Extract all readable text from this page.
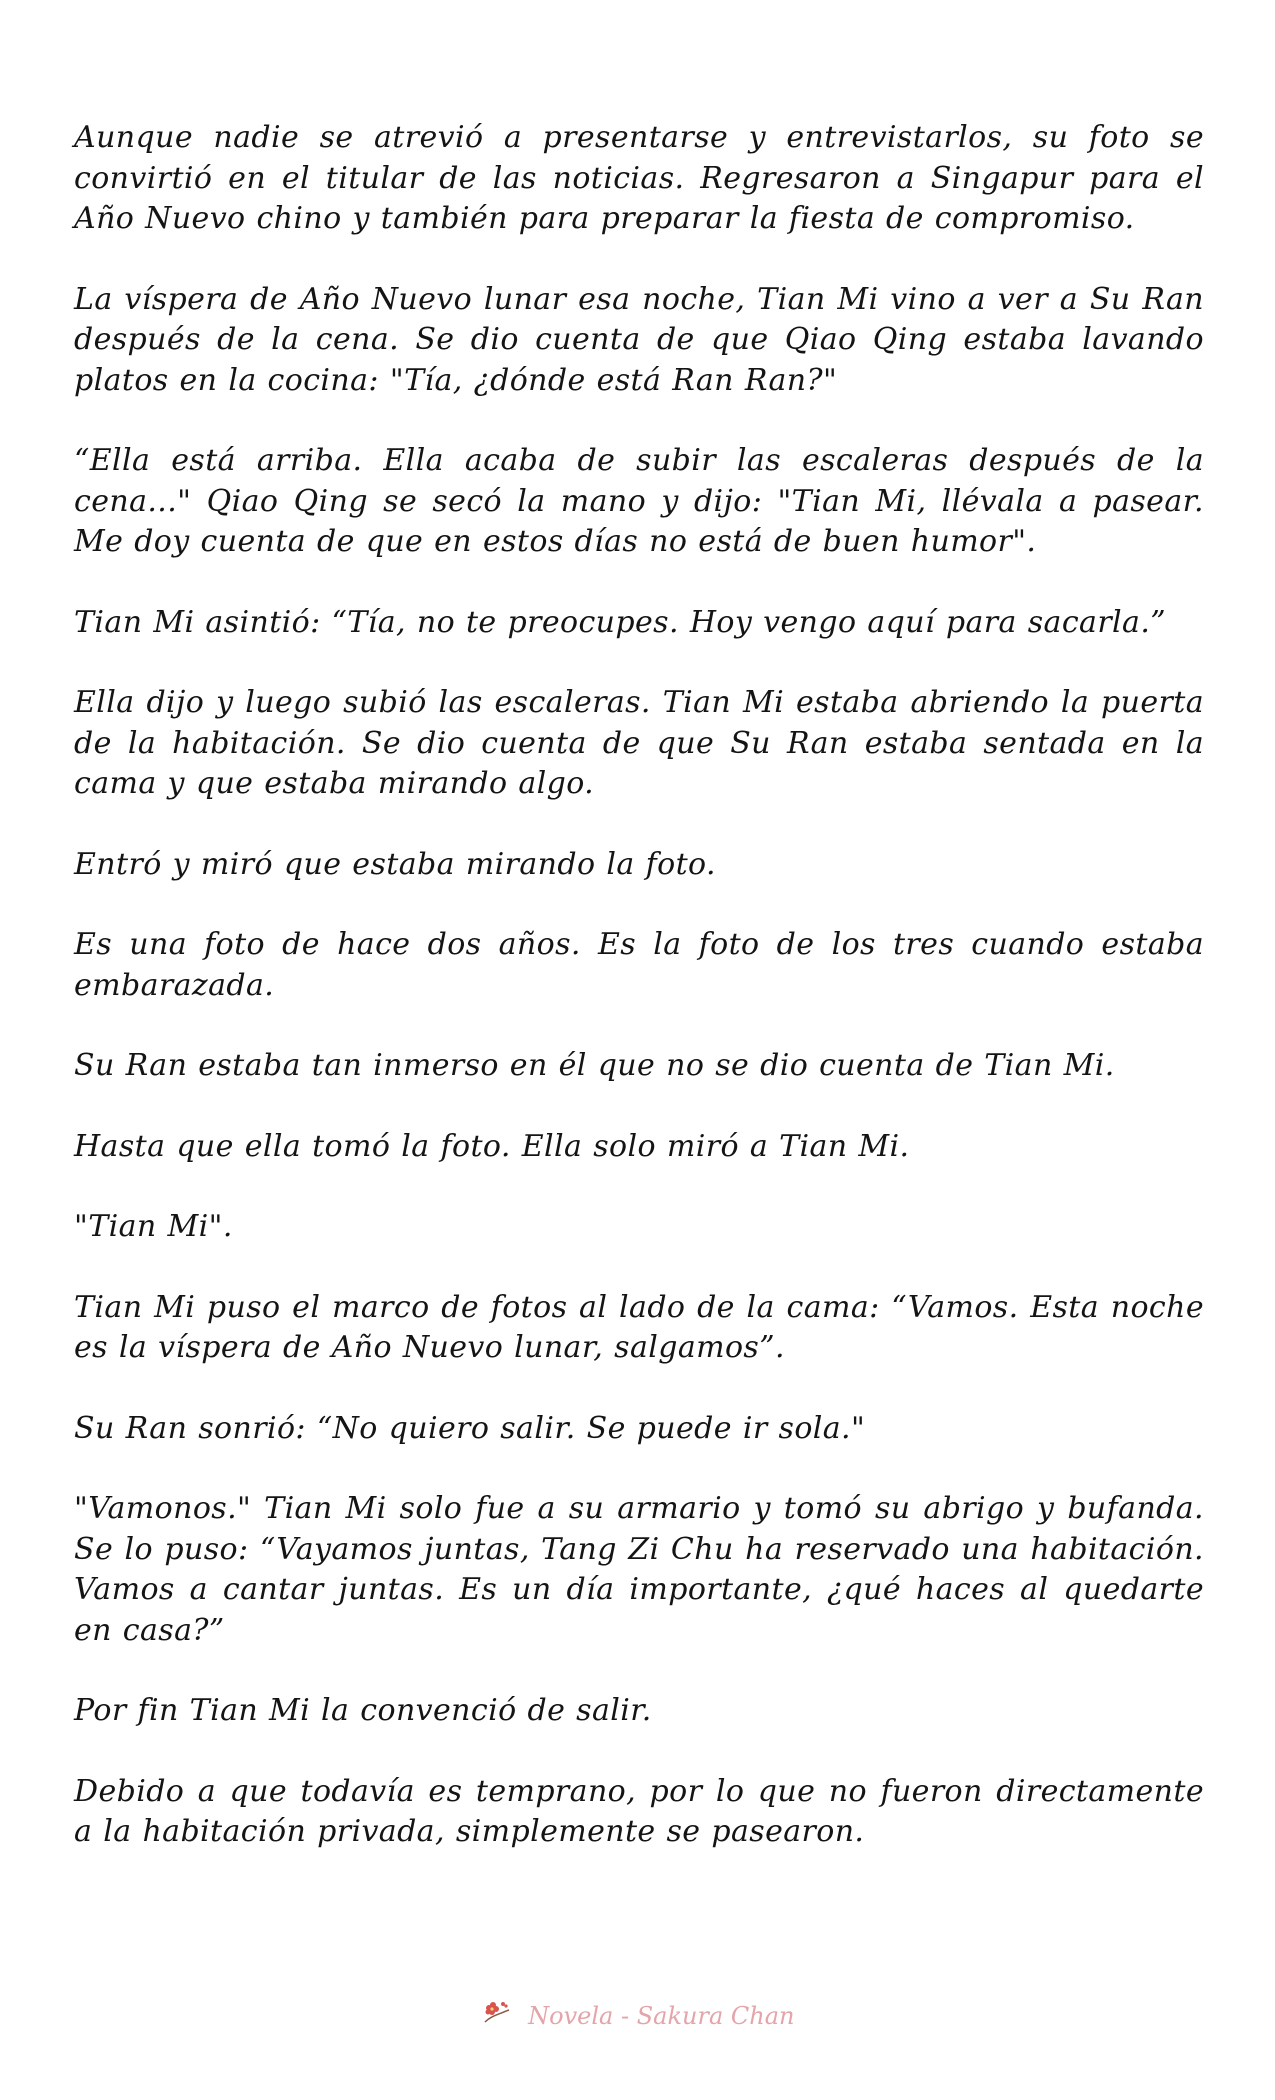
Aunque nadie se atrevió a presentarse y entrevistarlos, su foto se convirtió en el titular de las noticias. Regresaron a Singapur para el Año Nuevo chino y también para preparar la fiesta de compromiso.

La víspera de Año Nuevo lunar esa noche, Tian Mi vino a ver a Su Ran después de la cena. Se dio cuenta de que Qiao Qing estaba lavando platos en la cocina: "Tía, ¿dónde está Ran Ran?"

“Ella está arriba. Ella acaba de subir las escaleras después de la cena..." Qiao Qing se secó la mano y dijo: "Tian Mi, llévala a pasear. Me doy cuenta de que en estos días no está de buen humor".

Tian Mi asintió: “Tía, no te preocupes. Hoy vengo aquí para sacarla.”

Ella dijo y luego subió las escaleras. Tian Mi estaba abriendo la puerta de la habitación. Se dio cuenta de que Su Ran estaba sentada en la cama y que estaba mirando algo.

Entró y miró que estaba mirando la foto.

Es una foto de hace dos años. Es la foto de los tres cuando estaba embarazada.

Su Ran estaba tan inmerso en él que no se dio cuenta de Tian Mi.

Hasta que ella tomó la foto. Ella solo miró a Tian Mi.

"Tian Mi".

Tian Mi puso el marco de fotos al lado de la cama: “Vamos. Esta noche es la víspera de Año Nuevo lunar, salgamos”.

Su Ran sonrió: “No quiero salir. Se puede ir sola."

"Vamonos." Tian Mi solo fue a su armario y tomó su abrigo y bufanda. Se lo puso: “Vayamos juntas, Tang Zi Chu ha reservado una habitación. Vamos a cantar juntas. Es un día importante, ¿qué haces al quedarte en casa?”

Por fin Tian Mi la convenció de salir.

Debido a que todavía es temprano, por lo que no fueron directamente a la habitación privada, simplemente se pasearon.

Novela - Sakura Chan
